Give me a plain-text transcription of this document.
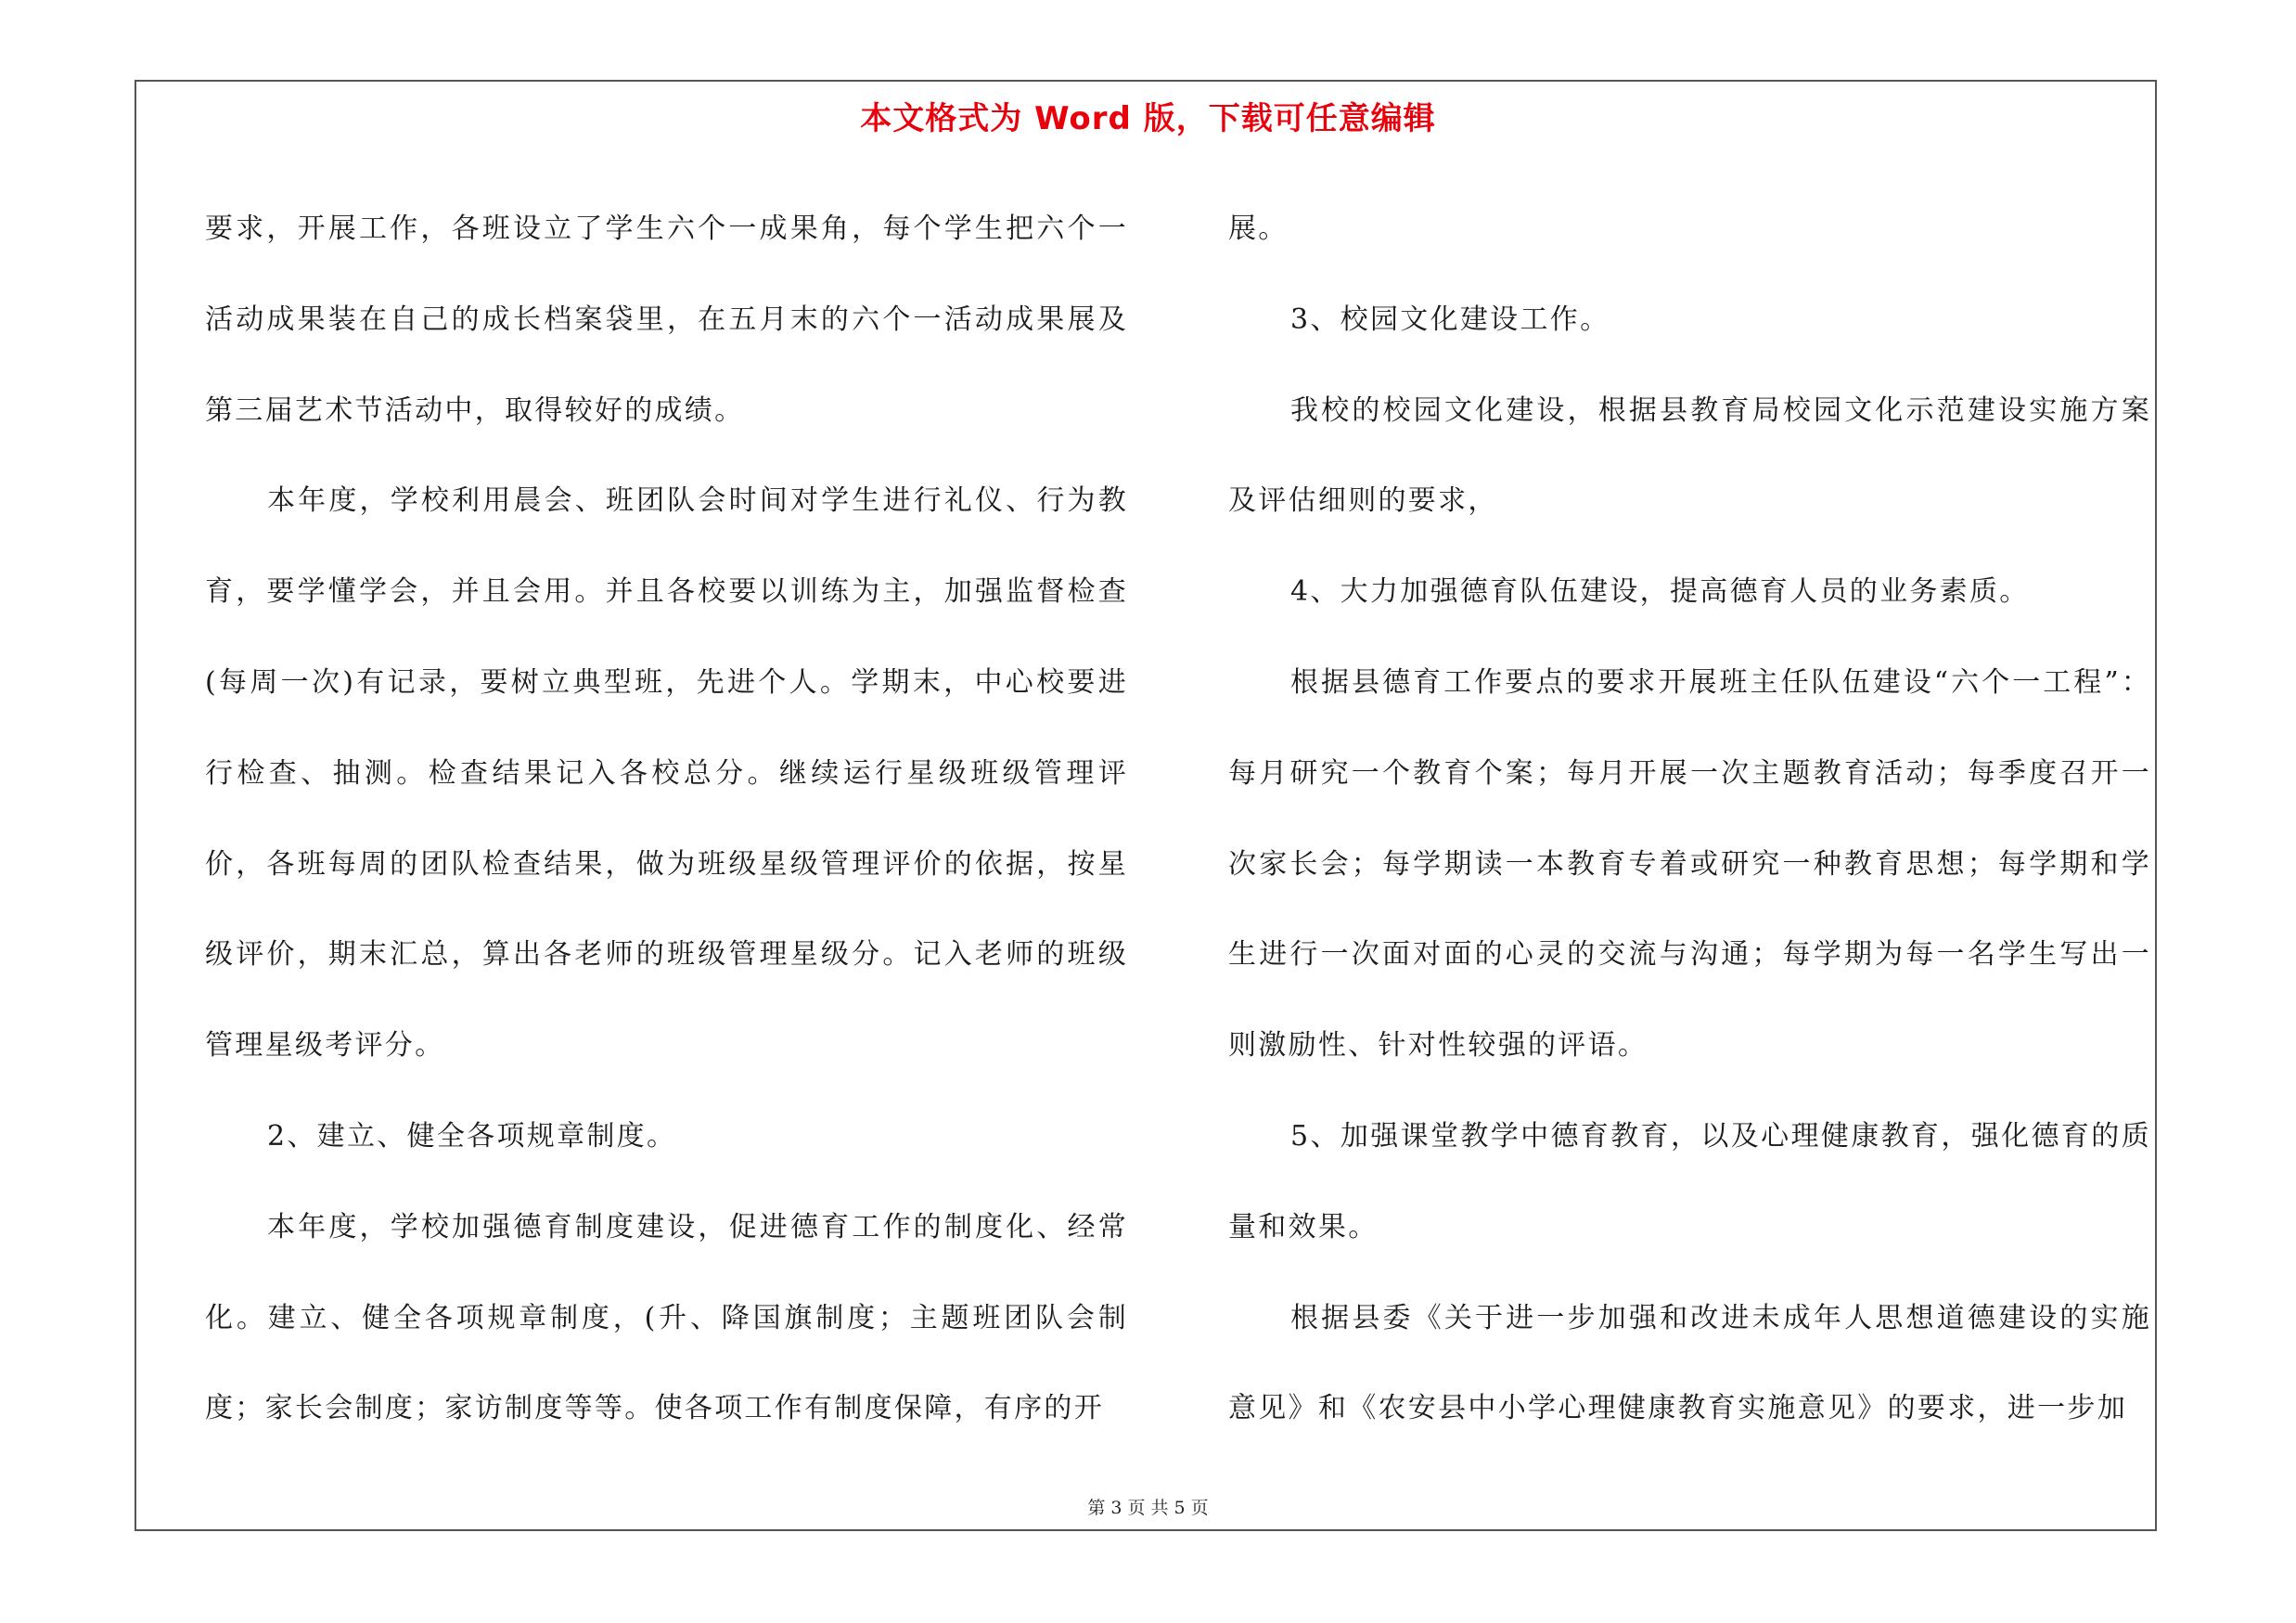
本文格式为 Word 版，下载可任意编辑

要求，开展工作，各班设立了学生六个一成果角，每个学生把六个一活动成果装在自己的成长档案袋里，在五月末的六个一活动成果展及第三届艺术节活动中，取得较好的成绩。

本年度，学校利用晨会、班团队会时间对学生进行礼仪、行为教育，要学懂学会，并且会用。并且各校要以训练为主，加强监督检查(每周一次)有记录，要树立典型班，先进个人。学期末，中心校要进行检查、抽测。检查结果记入各校总分。继续运行星级班级管理评价，各班每周的团队检查结果，做为班级星级管理评价的依据，按星级评价，期末汇总，算出各老师的班级管理星级分。记入老师的班级管理星级考评分。

2、建立、健全各项规章制度。

本年度，学校加强德育制度建设，促进德育工作的制度化、经常化。建立、健全各项规章制度，(升、降国旗制度；主题班团队会制度；家长会制度；家访制度等等。使各项工作有制度保障，有序的开

展。

3、校园文化建设工作。

我校的校园文化建设，根据县教育局校园文化示范建设实施方案及评估细则的要求，

4、大力加强德育队伍建设，提高德育人员的业务素质。

根据县德育工作要点的要求开展班主任队伍建设“六个一工程”：每月研究一个教育个案；每月开展一次主题教育活动；每季度召开一次家长会；每学期读一本教育专着或研究一种教育思想；每学期和学生进行一次面对面的心灵的交流与沟通；每学期为每一名学生写出一则激励性、针对性较强的评语。

5、加强课堂教学中德育教育，以及心理健康教育，强化德育的质量和效果。

根据县委《关于进一步加强和改进未成年人思想道德建设的实施意见》和《农安县中小学心理健康教育实施意见》的要求，进一步加

第 3 页 共 5 页
